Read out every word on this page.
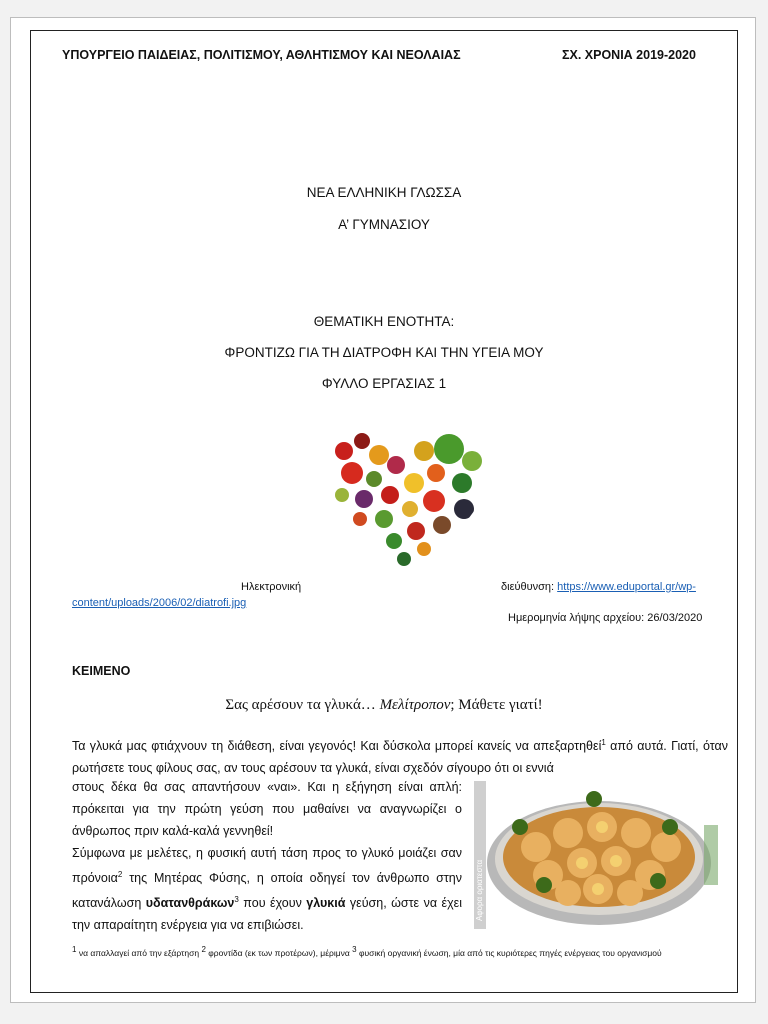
ΥΠΟΥΡΓΕΙΟ ΠΑΙΔΕΙΑΣ, ΠΟΛΙΤΙΣΜΟΥ, ΑΘΛΗΤΙΣΜΟΥ ΚΑΙ ΝΕΟΛΑΙΑΣ	ΣΧ. ΧΡΟΝΙΑ 2019-2020
ΝΕΑ ΕΛΛΗΝΙΚΗ ΓΛΩΣΣΑ
Α’ ΓΥΜΝΑΣΙΟΥ
ΘΕΜΑΤΙΚΗ ΕΝΟΤΗΤΑ:
ΦΡΟΝΤΙΖΩ ΓΙΑ ΤΗ ΔΙΑΤΡΟΦΗ ΚΑΙ ΤΗΝ ΥΓΕΙΑ ΜΟΥ
ΦΥΛΛΟ ΕΡΓΑΣΙΑΣ 1
Ηλεκτρονική	διεύθυνση: https://www.eduportal.gr/wp-
content/uploads/2006/02/diatrofi.jpg
Ημερομηνία λήψης αρχείου: 26/03/2020
ΚΕΙΜΕΝΟ
Σας αρέσουν τα γλυκά… Μελίτροπον; Μάθετε γιατί!
Τα γλυκά μας φτιάχνουν τη διάθεση, είναι γεγονός! Και δύσκολα μπορεί κανείς να απεξαρτηθεί$^1$ από αυτά. Γιατί, όταν ρωτήσετε τους φίλους σας, αν τους αρέσουν τα γλυκά, είναι σχεδόν σίγουρο ότι οι εννιά
στους δέκα θα σας απαντήσουν «ναι». Και η εξήγηση είναι απλή: πρόκειται για την πρώτη γεύση που μαθαίνει να αναγνωρίζει ο άνθρωπος πριν καλά-καλά γεννηθεί!
Σύμφωνα με μελέτες, η φυσική αυτή τάση προς το γλυκό μοιάζει σαν πρόνοια$^2$ της Μητέρας Φύσης, η οποία οδηγεί τον άνθρωπο στην κατανάλωση υδατανθράκων$^3$ που έχουν γλυκιά γεύση, ώστε να έχει την απαραίτητη ενέργεια για να επιβιώσει.
Αφορα οριατεστα
$^1$ να απαλλαγεί από την εξάρτηση $^2$ φροντίδα (εκ των προτέρων), μέριμνα $^3$ φυσική οργανική ένωση, μία από τις κυριότερες πηγές ενέργειας του οργανισμού
